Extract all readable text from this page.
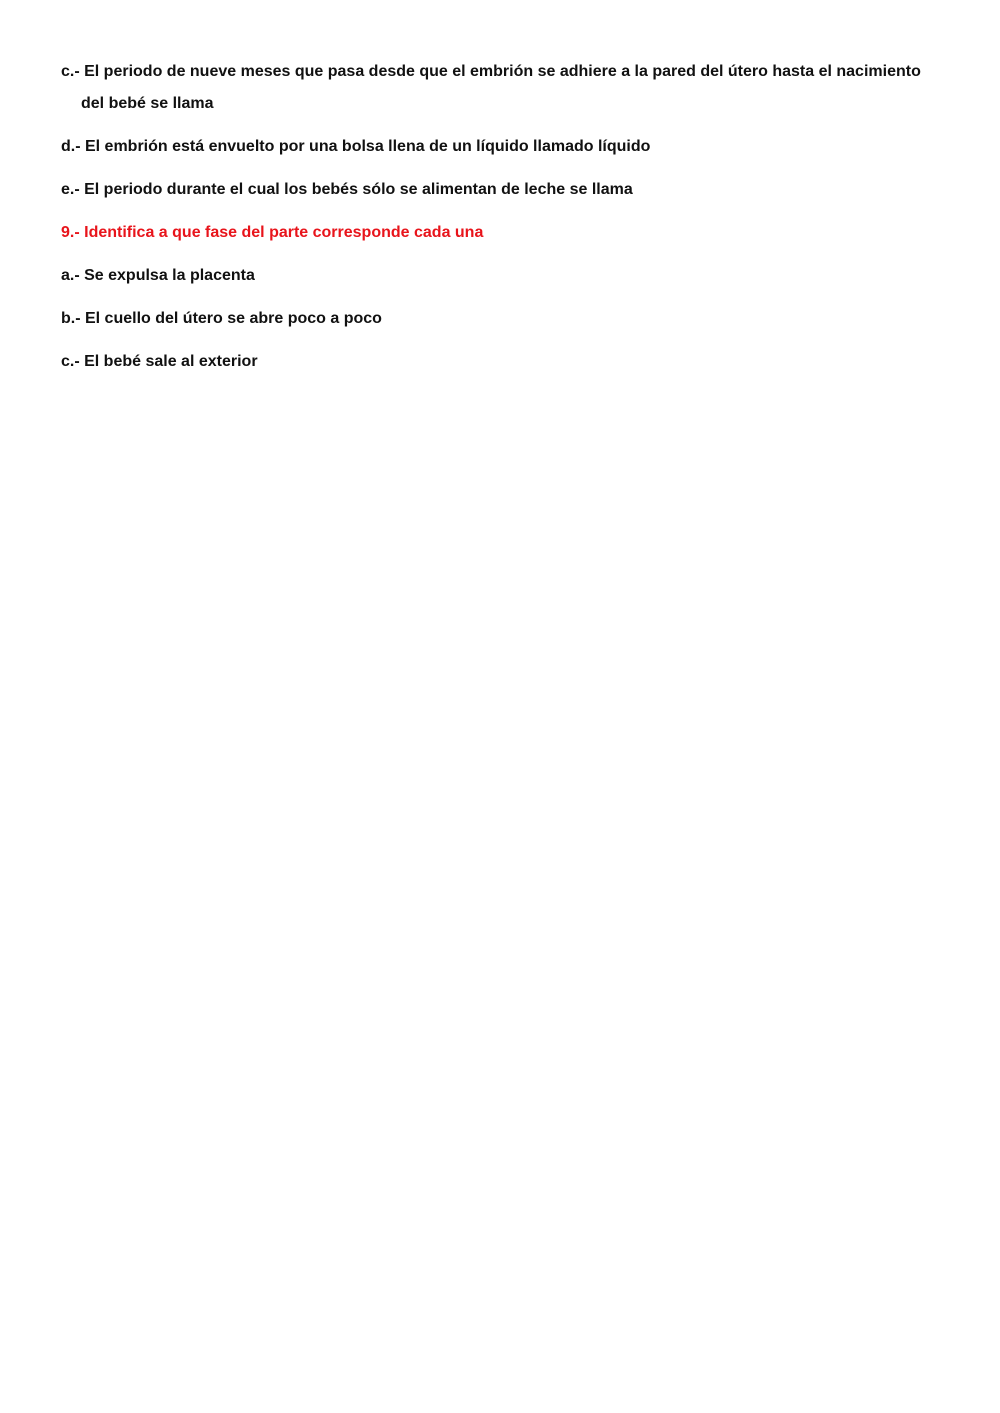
c.- El periodo de nueve meses que pasa desde que el embrión se adhiere a la pared del útero hasta el nacimiento
del bebé se llama
d.- El embrión está envuelto por una bolsa llena de un líquido llamado líquido
e.- El periodo durante el cual los bebés sólo se alimentan de leche se llama
9.- Identifica a que fase del parte corresponde cada una
a.- Se expulsa la placenta
b.- El cuello del útero se abre poco a poco
c.- El bebé sale al exterior
